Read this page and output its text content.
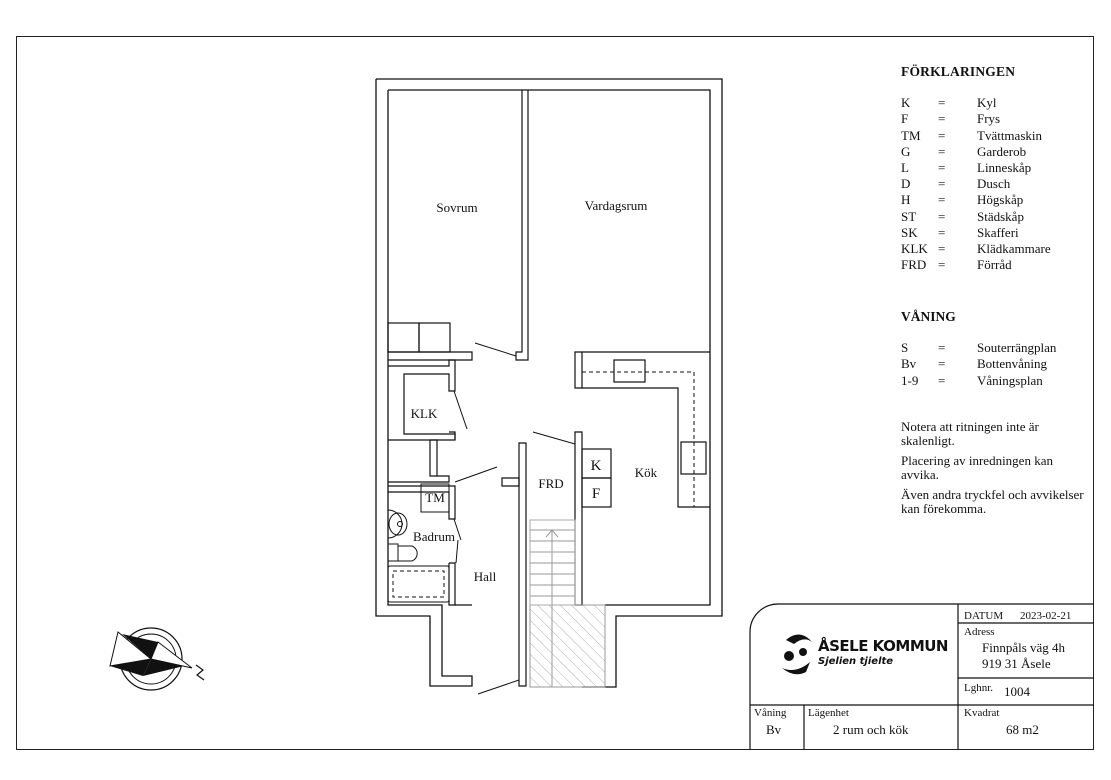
Sovrum	Vardagsrum
KLK
FRD
Kök
TM
Badrum
Hall
K
F
ÅSELE KOMMUN
Sjelien tjielte
DATUM 2023-02-21
Adress
Finnpåls väg 4h
919 31 Åsele
Lghnr. 1004
Våning
Bv
Lägenhet
2 rum och kök
Kvadrat
68 m2
FÖRKLARINGEN
K	=	Kyl
F	=	Frys
TM	=	Tvättmaskin
G	=	Garderob
L	=	Linneskåp
D	=	Dusch
H	=	Högskåp
ST	=	Städskåp
SK	=	Skafferi
KLK =	Klädkammare
FRD =	Förråd
VÅNING
S	=	Souterrängplan
Bv	=	Bottenvåning
1-9	=	Våningsplan

Notera att ritningen inte är skalenligt.

Placering av inredningen kan avvika.

Även andra tryckfel och avvikelser kan förekomma.
